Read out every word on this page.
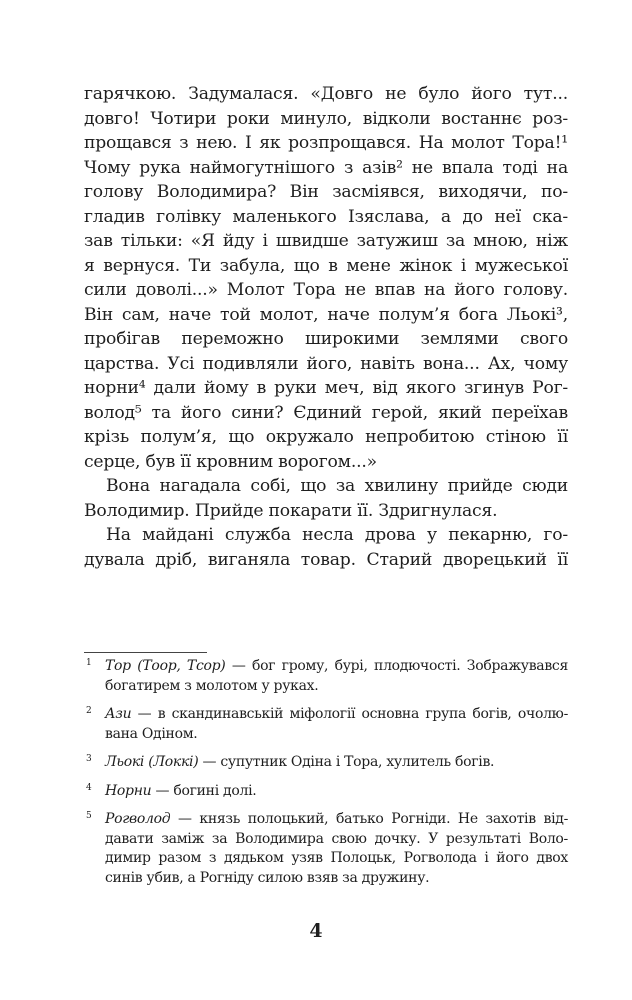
гарячкою. Задумалася. «Довго не було його тут...
довго! Чотири роки минуло, відколи востаннє роз-
прощався з нею. І як розпрощався. На молот Тора!¹
Чому рука наймогутнішого з азів² не впала тоді на
голову Володимира? Він засміявся, виходячи, по-
гладив голівку маленького Ізяслава, а до неї ска-
зав тільки: «Я йду і швидше затужиш за мною, ніж
я вернуся. Ти забула, що в мене жінок і мужеської
сили доволі...» Молот Тора не впав на його голову.
Він сам, наче той молот, наче полум’я бога Льокі³,
пробігав переможно широкими землями свого
царства. Усі подивляли його, навіть вона... Ах, чому
норни⁴ дали йому в руки меч, від якого згинув Рог-
волод⁵ та його сини? Єдиний герой, який переїхав
крізь полум’я, що окружало непробитою стіною її
серце, був її кровним ворогом...»
Вона нагадала собі, що за хвилину прийде сюди
Володимир. Прийде покарати її. Здригнулася.
На майдані служба несла дрова у пекарню, го-
дувала дріб, виганяла товар. Старий дворецький її
1 Тор (Тоор, Тсор) — бог грому, бурі, плодючості. Зображувався
богатирем з молотом у руках.
2 Ази — в скандинавській міфології основна група богів, очолю-
вана Одіном.
3 Льокі (Локкі) — супутник Одіна і Тора, хулитель богів.
4 Норни — богині долі.
5 Рогволод — князь полоцький, батько Рогніди. Не захотів від-
давати заміж за Володимира свою дочку. У результаті Воло-
димир разом з дядьком узяв Полоцьк, Рогволода і його двох
синів убив, а Рогніду силою взяв за дружину.
4
